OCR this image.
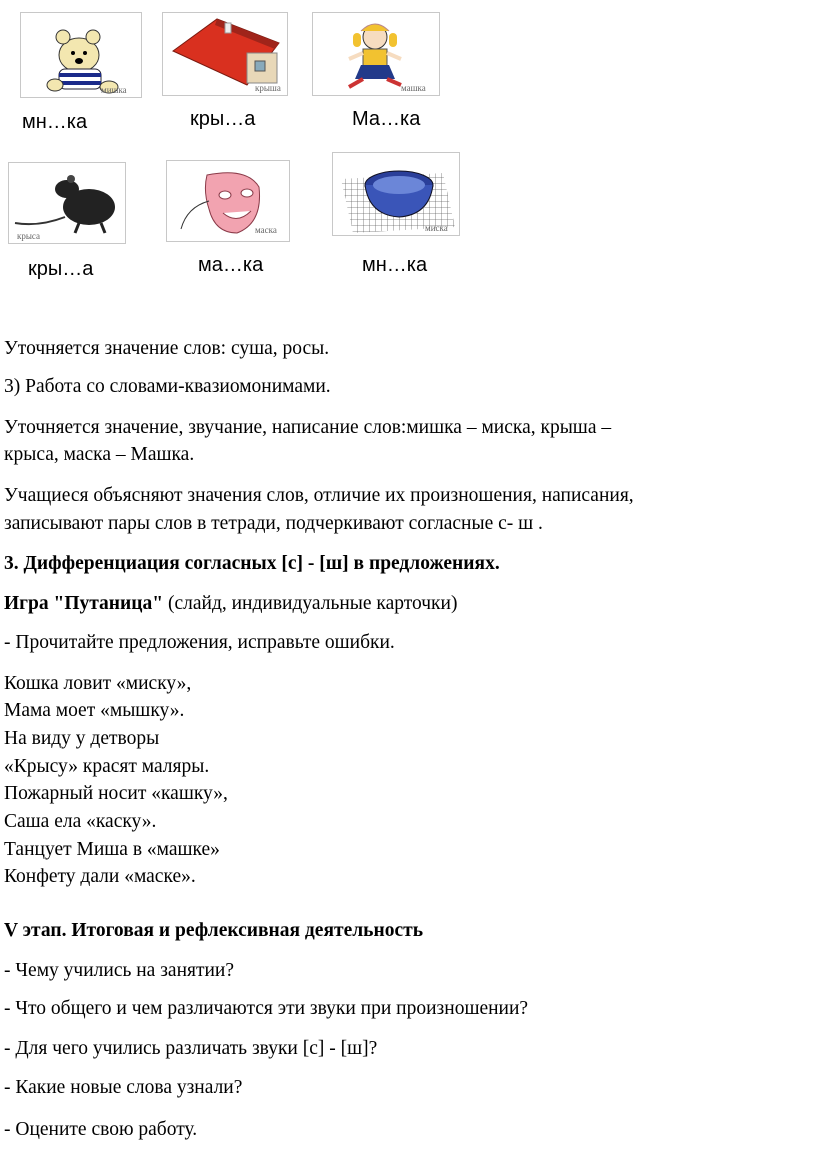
мишка
мн…ка
крыша
кры…а
машка
Ма…ка
крыса
кры…а
маска
ма…ка
миска
мн…ка
Уточняется значение слов: суша, росы.
3) Работа со словами-квазиомонимами.
Уточняется значение, звучание, написание слов:мишка – миска, крыша –
крыса, маска – Машка.
Учащиеся объясняют значения слов, отличие их произношения, написания,
записывают пары слов в тетради, подчеркивают согласные с- ш .
3. Дифференциация согласных [с] - [ш] в предложениях.
Игра "Путаница" (слайд, индивидуальные карточки)
- Прочитайте предложения, исправьте ошибки.
Кошка ловит «миску»,
Мама моет «мышку».
На виду у детворы
«Крысу» красят маляры.
Пожарный носит «кашку»,
Саша ела «каску».
Танцует Миша в «машке»
Конфету дали «маске».
V этап. Итоговая и рефлексивная деятельность
- Чему учились на занятии?
- Что общего и чем различаются эти звуки при произношении?
- Для чего учились различать звуки [с] - [ш]?
- Какие новые слова узнали?
- Оцените свою работу.
